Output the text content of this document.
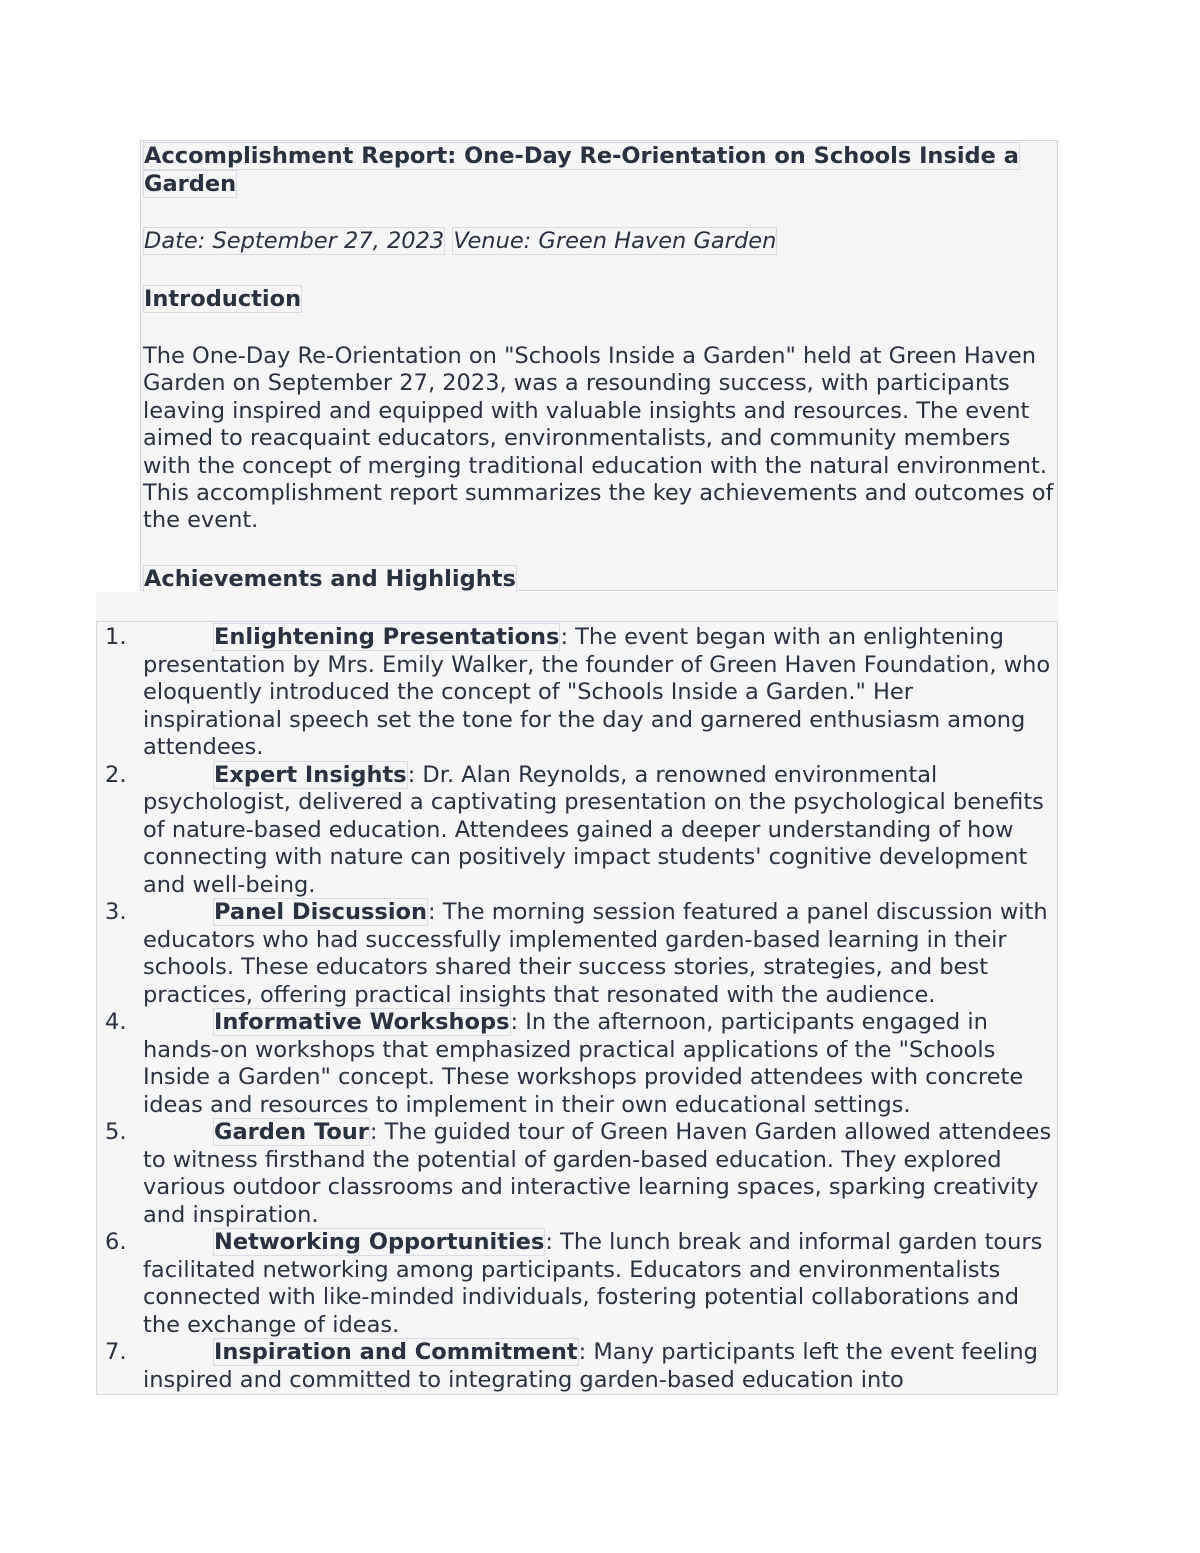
Accomplishment Report: One-Day Re-Orientation on Schools Inside a Garden

Date: September 27, 2023 Venue: Green Haven Garden

Introduction

The One-Day Re-Orientation on "Schools Inside a Garden" held at Green Haven Garden on September 27, 2023, was a resounding success, with participants leaving inspired and equipped with valuable insights and resources. The event aimed to reacquaint educators, environmentalists, and community members with the concept of merging traditional education with the natural environment. This accomplishment report summarizes the key achievements and outcomes of the event.

Achievements and Highlights

1.	Enlightening Presentations: The event began with an enlightening presentation by Mrs. Emily Walker, the founder of Green Haven Foundation, who eloquently introduced the concept of "Schools Inside a Garden." Her inspirational speech set the tone for the day and garnered enthusiasm among attendees.
2.	Expert Insights: Dr. Alan Reynolds, a renowned environmental psychologist, delivered a captivating presentation on the psychological benefits of nature-based education. Attendees gained a deeper understanding of how connecting with nature can positively impact students' cognitive development and well-being.
3.	Panel Discussion: The morning session featured a panel discussion with educators who had successfully implemented garden-based learning in their schools. These educators shared their success stories, strategies, and best practices, offering practical insights that resonated with the audience.
4.	Informative Workshops: In the afternoon, participants engaged in hands-on workshops that emphasized practical applications of the "Schools Inside a Garden" concept. These workshops provided attendees with concrete ideas and resources to implement in their own educational settings.
5.	Garden Tour: The guided tour of Green Haven Garden allowed attendees to witness firsthand the potential of garden-based education. They explored various outdoor classrooms and interactive learning spaces, sparking creativity and inspiration.
6.	Networking Opportunities: The lunch break and informal garden tours facilitated networking among participants. Educators and environmentalists connected with like-minded individuals, fostering potential collaborations and the exchange of ideas.
7.	Inspiration and Commitment: Many participants left the event feeling inspired and committed to integrating garden-based education into
